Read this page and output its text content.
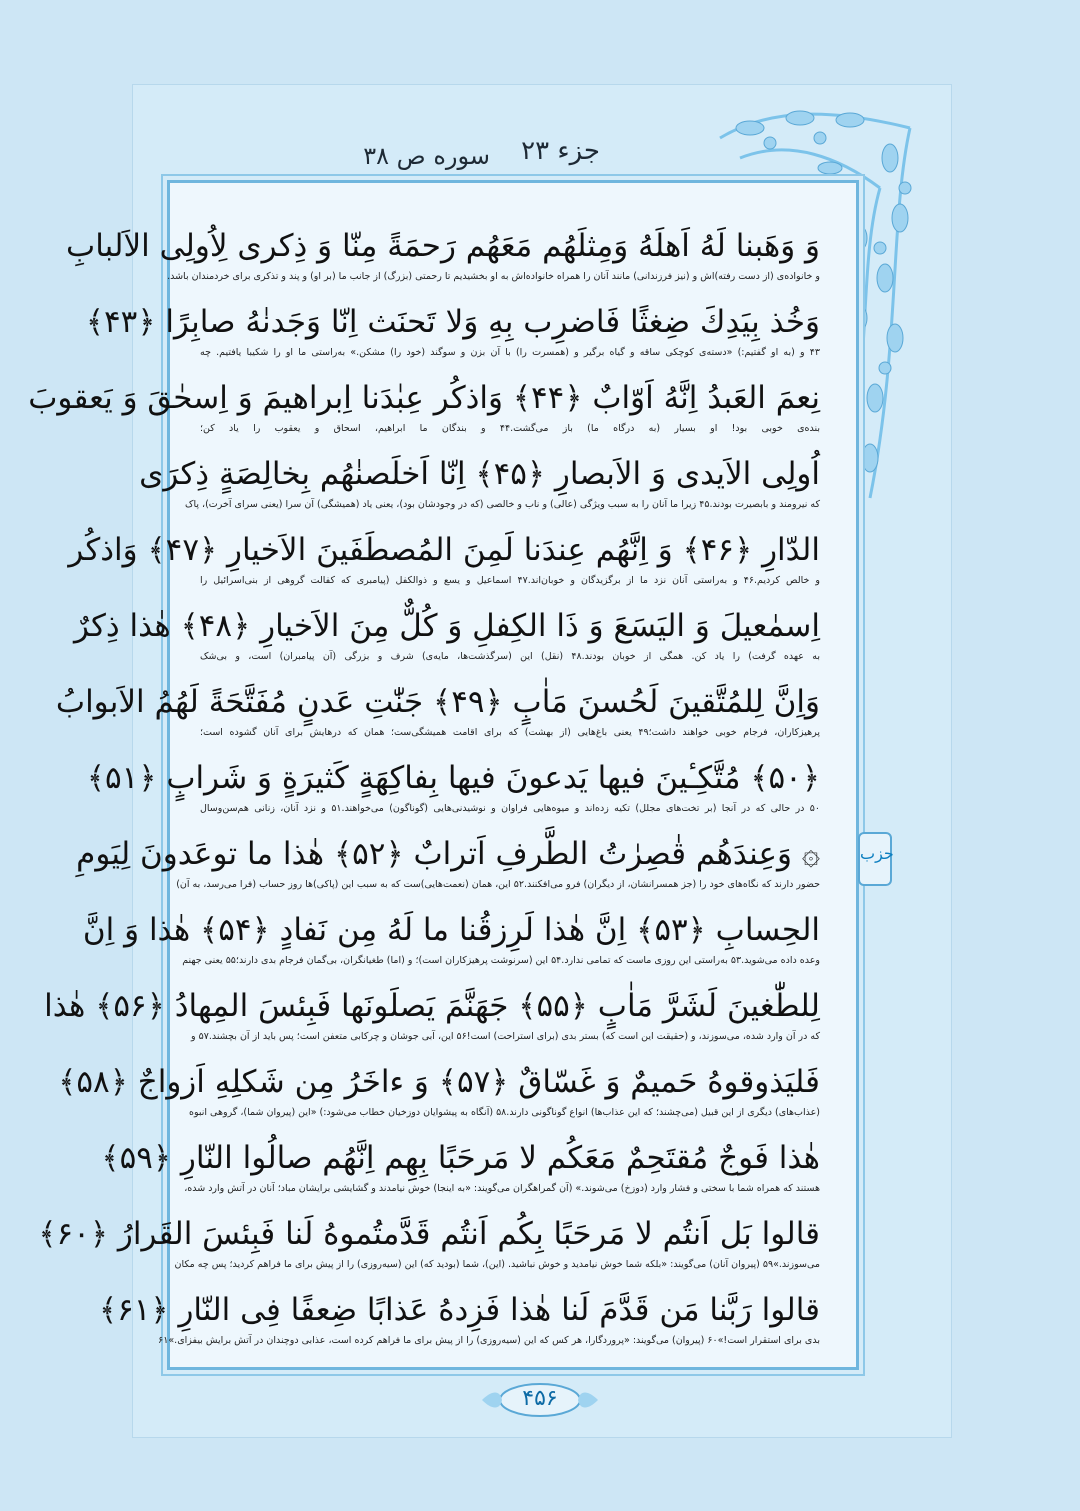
جزء ۲۳
سوره ص ۳۸
وَ وَهَبنا لَهُ اَهلَهُ وَمِثلَهُم مَعَهُم رَحمَةً مِنّا وَ ذِكرى لِاُولِی الاَلبابِ
و خانواده‌ی (از دست رفته)اش و (نیز فرزندانی) مانند آنان را همراه خانواده‌اش به او بخشیدیم تا رحمتی (بزرگ) از جانب ما (بر او) و پند و تذکری برای خردمندان باشد.
وَخُذ بِيَدِكَ ضِغثًا فَاضرِب بِهِ وَلا تَحنَث اِنّا وَجَدنٰهُ صابِرًا ﴿۴۳﴾
۴۳ و (به او گفتیم:) «دسته‌ی کوچکی ساقه و گیاه برگیر و (همسرت را) با آن بزن و سوگند (خود را) مشکن.» به‌راستی ما او را شکیبا یافتیم. چه
نِعمَ العَبدُ اِنَّهُ اَوّابٌ ﴿۴۴﴾ وَاذكُر عِبٰدَنا اِبراهيمَ وَ اِسحٰقَ وَ يَعقوبَ
بنده‌ی خوبی بود! او بسیار (به درگاه ما) باز می‌گشت.۴۴ و بندگان ما ابراهیم، اسحاق و یعقوب را یاد کن؛
اُولِی الاَيدی وَ الاَبصارِ ﴿۴۵﴾ اِنّا اَخلَصنٰهُم بِخالِصَةٍ ذِكرَى
که نیرومند و بابصیرت بودند.۴۵ زیرا ما آنان را به سبب ویژگی (عالی) و ناب و خالصی (که در وجودشان بود)، یعنی یاد (همیشگی) آن سرا (یعنی سرای آخرت)، پاک
الدّارِ ﴿۴۶﴾ وَ اِنَّهُم عِندَنا لَمِنَ المُصطَفَينَ الاَخيارِ ﴿۴۷﴾ وَاذكُر
و خالص کردیم.۴۶ و به‌راستی آنان نزد ما از برگزیدگان و خوبان‌اند.۴۷ اسماعیل و یسع و ذوالکفل (پیامبری که کفالت گروهی از بنی‌اسرائیل را
اِسمٰعيلَ وَ اليَسَعَ وَ ذَا الكِفلِ وَ كُلٌّ مِنَ الاَخيارِ ﴿۴۸﴾ هٰذا ذِكرٌ
به عهده گرفت) را یاد کن. همگی از خوبان بودند.۴۸ (نقل) این (سرگذشت‌ها، مایه‌ی) شرف و بزرگی (آن پیامبران) است، و بی‌شک
وَاِنَّ لِلمُتَّقينَ لَحُسنَ مَاٰبٍ ﴿۴۹﴾ جَنّٰتِ عَدنٍ مُفَتَّحَةً لَهُمُ الاَبوابُ
پرهیزکاران، فرجام خوبی خواهند داشت؛۴۹ یعنی باغ‌هایی (از بهشت) که برای اقامت همیشگی‌ست؛ همان که درهایش برای آنان گشوده است؛
﴿۵۰﴾ مُتَّكِـٔينَ فيها يَدعونَ فيها بِفاكِهَةٍ كَثيرَةٍ وَ شَرابٍ ﴿۵۱﴾
۵۰ در حالی که در آنجا (بر تخت‌های مجلل) تکیه زده‌اند و میوه‌هایی فراوان و نوشیدنی‌هایی (گوناگون) می‌خواهند.۵۱ و نزد آنان، زنانی هم‌سن‌وسال
۞ وَعِندَهُم قٰصِرٰتُ الطَّرفِ اَترابٌ ﴿۵۲﴾ هٰذا ما توعَدونَ لِيَومِ
حضور دارند که نگاه‌های خود را (جز همسرانشان، از دیگران) فرو می‌افکنند.۵۲ این، همان (نعمت‌هایی)ست که به سبب این (پاکی)ها روز حساب (فرا می‌رسد، به آن)
الحِسابِ ﴿۵۳﴾ اِنَّ هٰذا لَرِزقُنا ما لَهُ مِن نَفادٍ ﴿۵۴﴾ هٰذا وَ اِنَّ
وعده داده می‌شوید.۵۳ به‌راستی این روزی ماست که تمامی ندارد.۵۴ این (سرنوشت پرهیزکاران است)؛ و (اما) طغیانگران، بی‌گمان فرجام بدی دارند؛۵۵ یعنی جهنم
لِلطّٰغينَ لَشَرَّ مَاٰبٍ ﴿۵۵﴾ جَهَنَّمَ يَصلَونَها فَبِئسَ المِهادُ ﴿۵۶﴾ هٰذا
که در آن وارد شده، می‌سوزند، و (حقیقت این است که) بستر بدی (برای استراحت) است!۵۶ این، آبی جوشان و چرکابی متعفن است؛ پس باید از آن بچشند.۵۷ و
فَليَذوقوهُ حَميمٌ وَ غَسّاقٌ ﴿۵۷﴾ وَ ءاخَرُ مِن شَكلِهِ اَزواجٌ ﴿۵۸﴾
(عذاب‌های) دیگری از این قبیل (می‌چشند؛ که این عذاب‌ها) انواع گوناگونی دارند.۵۸ (آنگاه به پیشوایان دوزخیان خطاب می‌شود:) «این (پیروان شما)، گروهی انبوه
هٰذا فَوجٌ مُقتَحِمٌ مَعَكُم لا مَرحَبًا بِهِم اِنَّهُم صالُوا النّارِ ﴿۵۹﴾
هستند که همراه شما با سختی و فشار وارد (دوزخ) می‌شوند.» (آن گمراهگران می‌گویند: «به اینجا) خوش نیامدند و گشایشی برایشان مباد؛ آنان در آتش وارد شده،
قالوا بَل اَنتُم لا مَرحَبًا بِكُم اَنتُم قَدَّمتُموهُ لَنا فَبِئسَ القَرارُ ﴿۶۰﴾
می‌سوزند.»۵۹ (پیروان آنان) می‌گویند: «بلکه شما خوش نیامدید و خوش نباشید. (این)، شما (بودید که) این (سیه‌روزی) را از پیش برای ما فراهم کردید؛ پس چه مکان
قالوا رَبَّنا مَن قَدَّمَ لَنا هٰذا فَزِدهُ عَذابًا ضِعفًا فِی النّارِ ﴿۶۱﴾
بدی برای استقرار است!»۶۰ (پیروان) می‌گویند: «پروردگارا، هر کس که این (سیه‌روزی) را از پیش برای ما فراهم کرده است، عذابی دوچندان در آتش برایش بیفزای.»۶۱
حزب
۴۵۶
